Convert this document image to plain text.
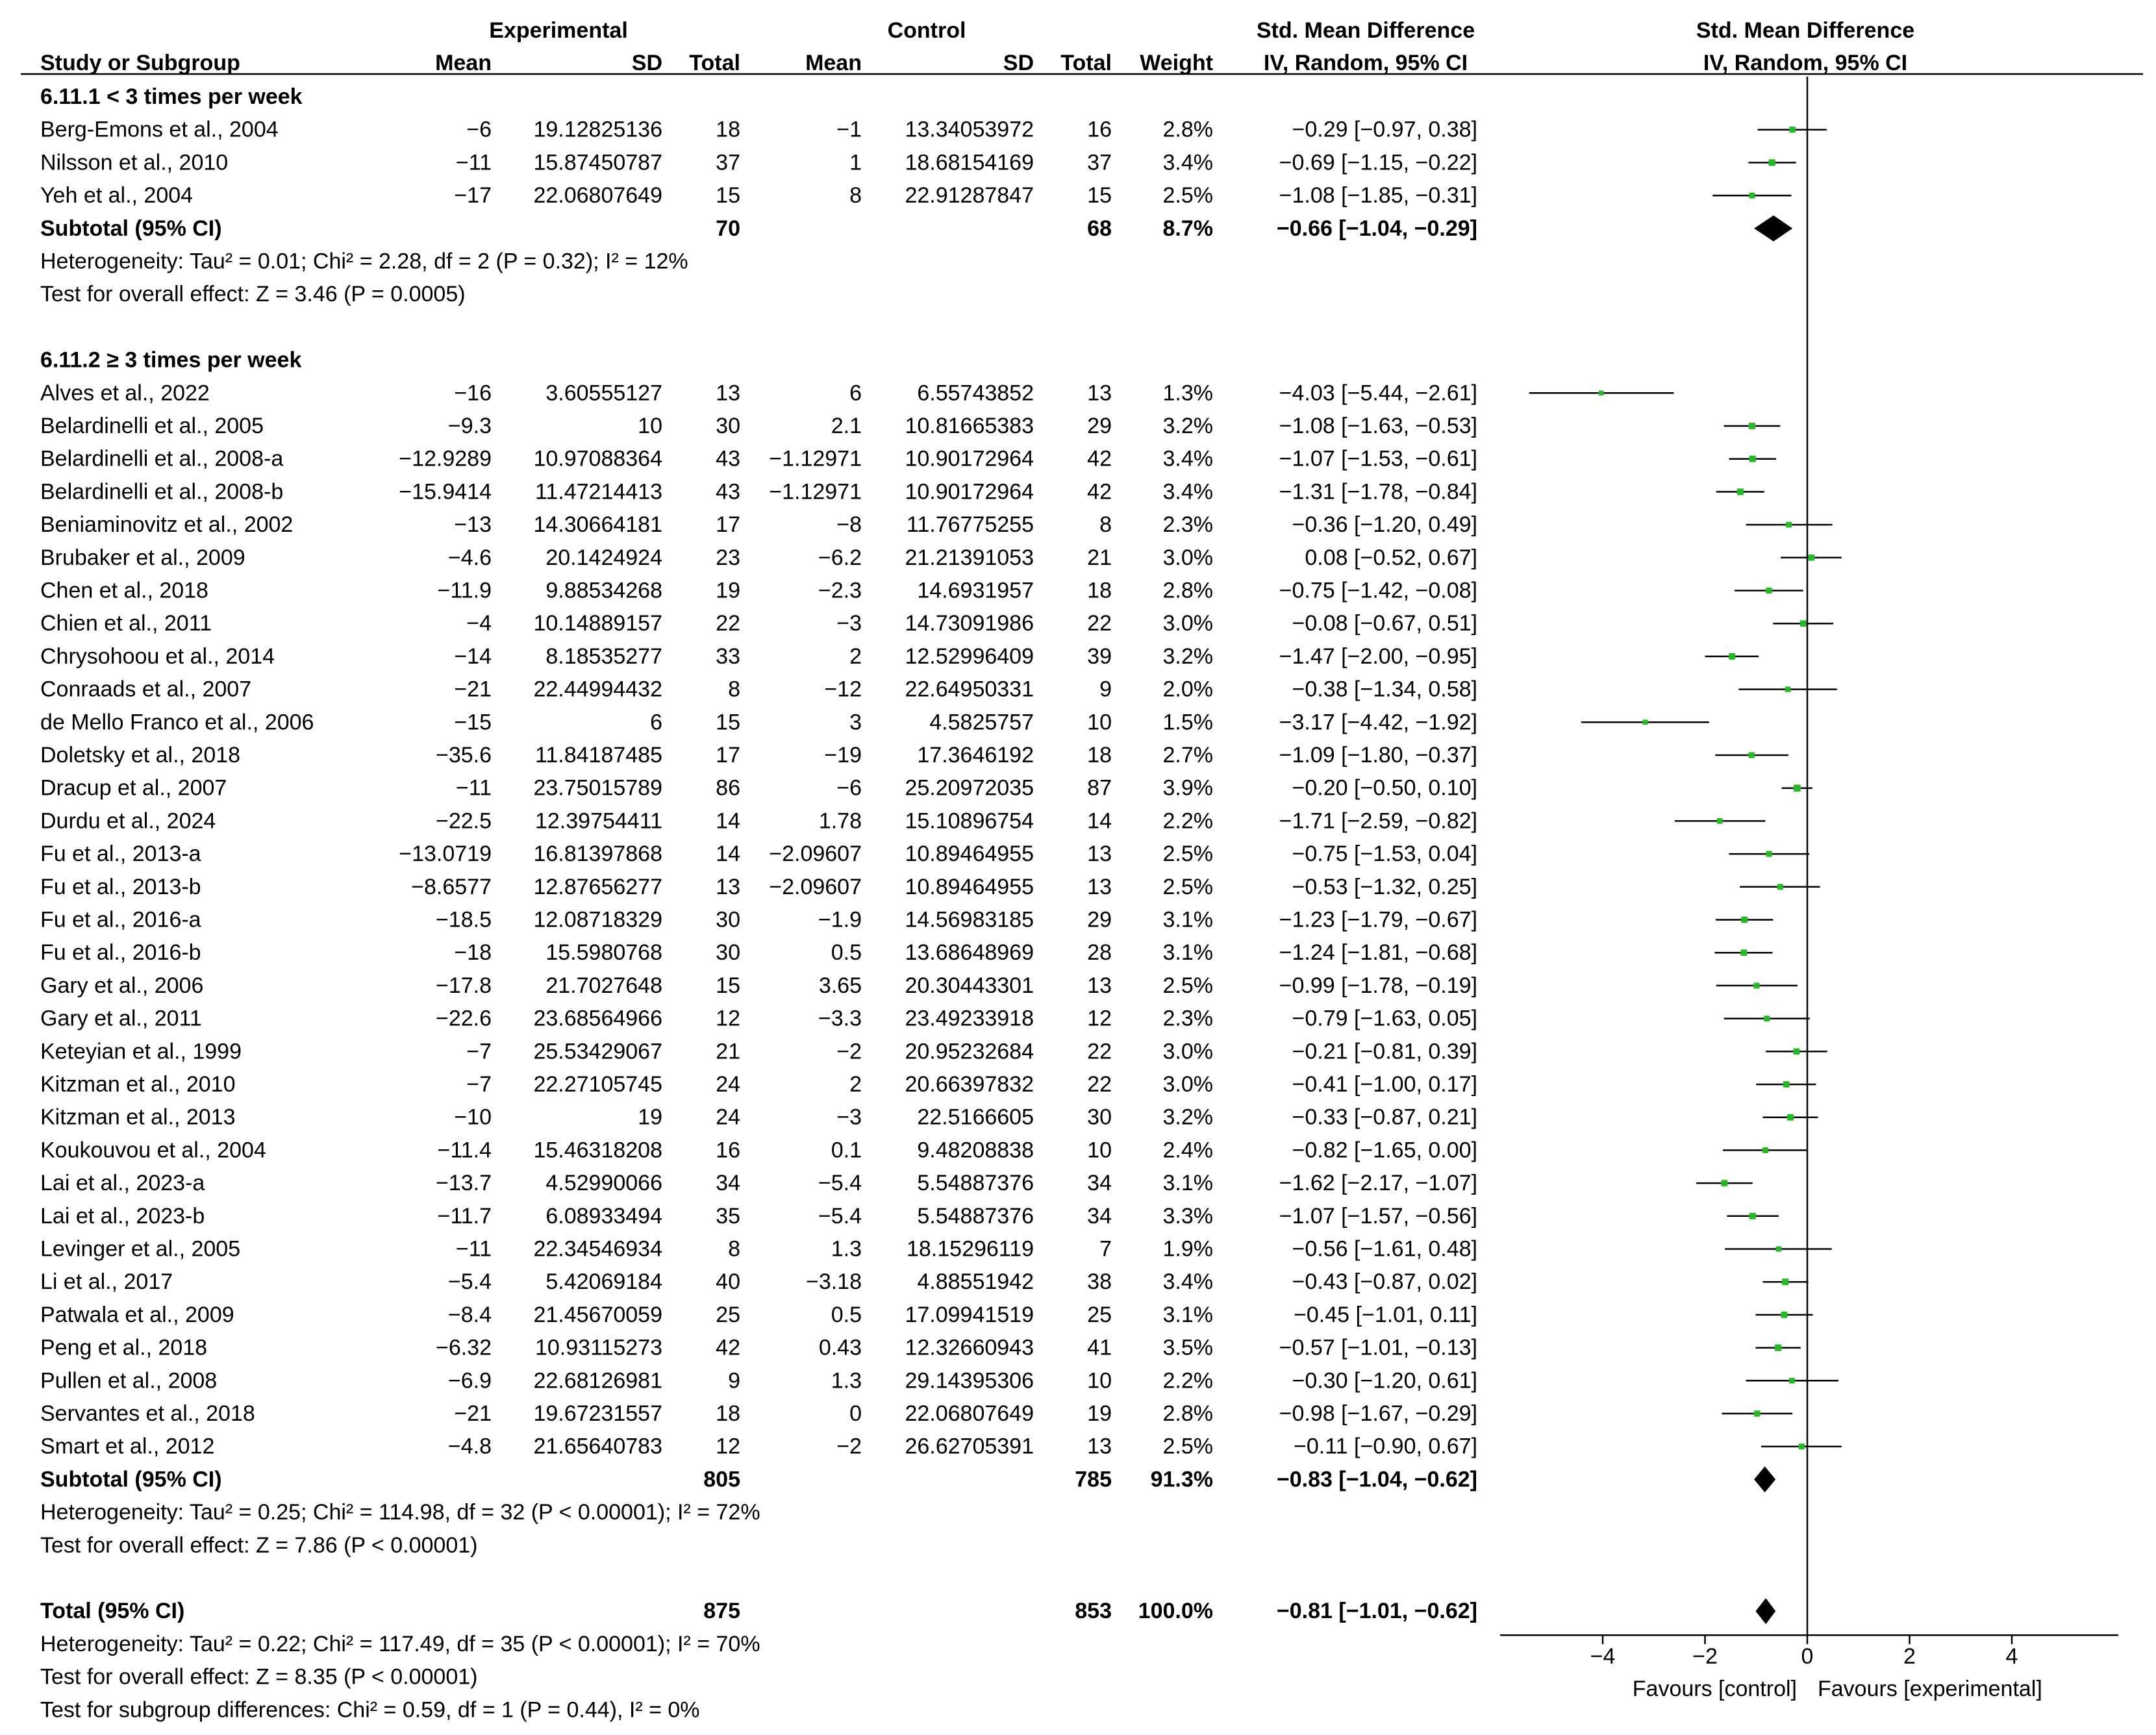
Experimental	Control	Std. Mean Difference
IV, Random, 95% CI
Std. Mean Difference
IV, Random, 95% CI
Study or Subgroup	Mean	SD Total	Mean	SD Total Weight
6.11.1 < 3 times per week
Berg-Emons et al., 2004	−6 19.12825136 18	−1 13.34053972 16 2.8%	−0.29 [−0.97, 0.38]
Nilsson et al., 2010	−11 15.87450787 37	1 18.68154169 37 3.4%	−0.69 [−1.15, −0.22]
Yeh et al., 2004	−17 22.06807649 15	8 22.91287847 15 2.5%	−1.08 [−1.85, −0.31]
Subtotal (95% CI)	70	68 8.7%	−0.66 [−1.04, −0.29]
Heterogeneity: Tau² = 0.01; Chi² = 2.28, df = 2 (P = 0.32); I² = 12%
Test for overall effect: Z = 3.46 (P = 0.0005)
6.11.2 ≥ 3 times per week
Alves et al., 2022	−16 3.60555127 13	6	6.55743852 13 1.3%	−4.03 [−5.44, −2.61]
Belardinelli et al., 2005	−9.3	10 30	2.1 10.81665383 29 3.2%	−1.08 [−1.63, −0.53]
Belardinelli et al., 2008-a	−12.9289 10.97088364 43 −1.12971 10.90172964 42 3.4%	−1.07 [−1.53, −0.61]
Belardinelli et al., 2008-b	−15.9414 11.47214413 43 −1.12971 10.90172964 42 3.4%	−1.31 [−1.78, −0.84]
Beniaminovitz et al., 2002	−13 14.30664181 17	−8 11.76775255	8 2.3%	−0.36 [−1.20, 0.49]
Brubaker et al., 2009	−4.6 20.1424924 23	−6.2 21.21391053 21 3.0%	0.08 [−0.52, 0.67]
Chen et al., 2018	−11.9 9.88534268 19	−2.3	14.6931957 18 2.8%	−0.75 [−1.42, −0.08]
Chien et al., 2011	−4 10.14889157 22	−3 14.73091986 22 3.0%	−0.08 [−0.67, 0.51]
Chrysohoou et al., 2014	−14 8.18535277 33	2 12.52996409 39 3.2%	−1.47 [−2.00, −0.95]
Conraads et al., 2007	−21 22.44994432	8	−12 22.64950331	9 2.0%	−0.38 [−1.34, 0.58]
de Mello Franco et al., 2006	−15	6 15	3	4.5825757 10 1.5%	−3.17 [−4.42, −1.92]
Doletsky et al., 2018	−35.6 11.84187485 17	−19	17.3646192 18 2.7%	−1.09 [−1.80, −0.37]
Dracup et al., 2007	−11 23.75015789 86	−6 25.20972035 87 3.9%	−0.20 [−0.50, 0.10]
Durdu et al., 2024	−22.5 12.39754411 14	1.78 15.10896754 14 2.2%	−1.71 [−2.59, −0.82]
Fu et al., 2013-a	−13.0719 16.81397868 14 −2.09607 10.89464955 13 2.5%	−0.75 [−1.53, 0.04]
Fu et al., 2013-b	−8.6577 12.87656277 13 −2.09607 10.89464955 13 2.5%	−0.53 [−1.32, 0.25]
Fu et al., 2016-a	−18.5 12.08718329 30	−1.9 14.56983185 29 3.1%	−1.23 [−1.79, −0.67]
Fu et al., 2016-b	−18 15.5980768 30	0.5 13.68648969 28 3.1%	−1.24 [−1.81, −0.68]
Gary et al., 2006	−17.8 21.7027648 15	3.65 20.30443301 13 2.5%	−0.99 [−1.78, −0.19]
Gary et al., 2011	−22.6 23.68564966 12	−3.3 23.49233918 12 2.3%	−0.79 [−1.63, 0.05]
Keteyian et al., 1999	−7 25.53429067 21	−2 20.95232684 22 3.0%	−0.21 [−0.81, 0.39]
Kitzman et al., 2010	−7 22.27105745 24	2 20.66397832 22 3.0%	−0.41 [−1.00, 0.17]
Kitzman et al., 2013	−10	19 24	−3	22.5166605 30 3.2%	−0.33 [−0.87, 0.21]
Koukouvou et al., 2004	−11.4 15.46318208 16	0.1	9.48208838 10 2.4%	−0.82 [−1.65, 0.00]
Lai et al., 2023-a	−13.7 4.52990066 34	−5.4	5.54887376 34 3.1%	−1.62 [−2.17, −1.07]
Lai et al., 2023-b	−11.7 6.08933494 35	−5.4	5.54887376 34 3.3%	−1.07 [−1.57, −0.56]
Levinger et al., 2005	−11 22.34546934	8	1.3 18.15296119	7 1.9%	−0.56 [−1.61, 0.48]
Li et al., 2017	−5.4 5.42069184 40	−3.18	4.88551942 38 3.4%	−0.43 [−0.87, 0.02]
Patwala et al., 2009	−8.4 21.45670059 25	0.5 17.09941519 25 3.1%	−0.45 [−1.01, 0.11]
Peng et al., 2018	−6.32 10.93115273 42	0.43 12.32660943 41 3.5%	−0.57 [−1.01, −0.13]
Pullen et al., 2008	−6.9 22.68126981	9	1.3 29.14395306 10 2.2%	−0.30 [−1.20, 0.61]
Servantes et al., 2018	−21 19.67231557 18	0 22.06807649 19 2.8%	−0.98 [−1.67, −0.29]
Smart et al., 2012	−4.8 21.65640783 12	−2 26.62705391 13 2.5%	−0.11 [−0.90, 0.67]
Subtotal (95% CI)	805	785 91.3%	−0.83 [−1.04, −0.62]
Heterogeneity: Tau² = 0.25; Chi² = 114.98, df = 32 (P < 0.00001); I² = 72%
Test for overall effect: Z = 7.86 (P < 0.00001)
Total (95% CI)	875	853 100.0%	−0.81 [−1.01, −0.62]
Heterogeneity: Tau² = 0.22; Chi² = 117.49, df = 35 (P < 0.00001); I² = 70%
Test for overall effect: Z = 8.35 (P < 0.00001)
Test for subgroup differences: Chi² = 0.59, df = 1 (P = 0.44), I² = 0%
−4	−2	0	2	4
Favours [control] Favours [experimental]
